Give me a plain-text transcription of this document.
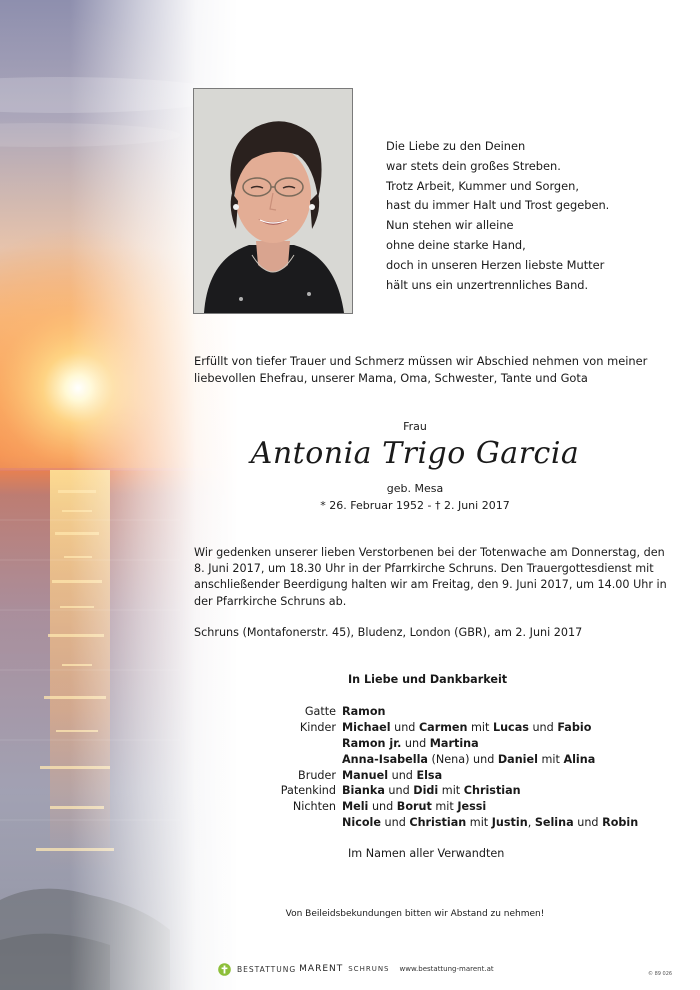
Die Liebe zu den Deinen
war stets dein großes Streben.
Trotz Arbeit, Kummer und Sorgen,
hast du immer Halt und Trost gegeben.
Nun stehen wir alleine
ohne deine starke Hand,
doch in unseren Herzen liebste Mutter
hält uns ein unzertrennliches Band.
Erfüllt von tiefer Trauer und Schmerz müssen wir Abschied nehmen von meiner liebevollen Ehefrau, unserer Mama, Oma, Schwester, Tante und Gota
Frau
Antonia Trigo Garcia
geb. Mesa
* 26. Februar 1952 - † 2. Juni 2017
Wir gedenken unserer lieben Verstorbenen bei der Totenwache am Donnerstag, den 8. Juni 2017, um 18.30 Uhr in der Pfarrkirche Schruns. Den Trauergottesdienst mit anschließender Beerdigung halten wir am Freitag, den 9. Juni 2017, um 14.00 Uhr in der Pfarrkirche Schruns ab.
Schruns (Montafonerstr. 45), Bludenz, London (GBR), am 2. Juni 2017
In Liebe und Dankbarkeit
Gatte Ramon
Kinder Michael und Carmen mit Lucas und Fabio
Ramon jr. und Martina
Anna-Isabella (Nena) und Daniel mit Alina
Bruder Manuel und Elsa
Patenkind Bianka und Didi mit Christian
Nichten Meli und Borut mit Jessi
Nicole und Christian mit Justin, Selina und Robin
Im Namen aller Verwandten
Von Beileidsbekundungen bitten wir Abstand zu nehmen!
BESTATTUNG MARENT SCHRUNS www.bestattung-marent.at
© 89 026
